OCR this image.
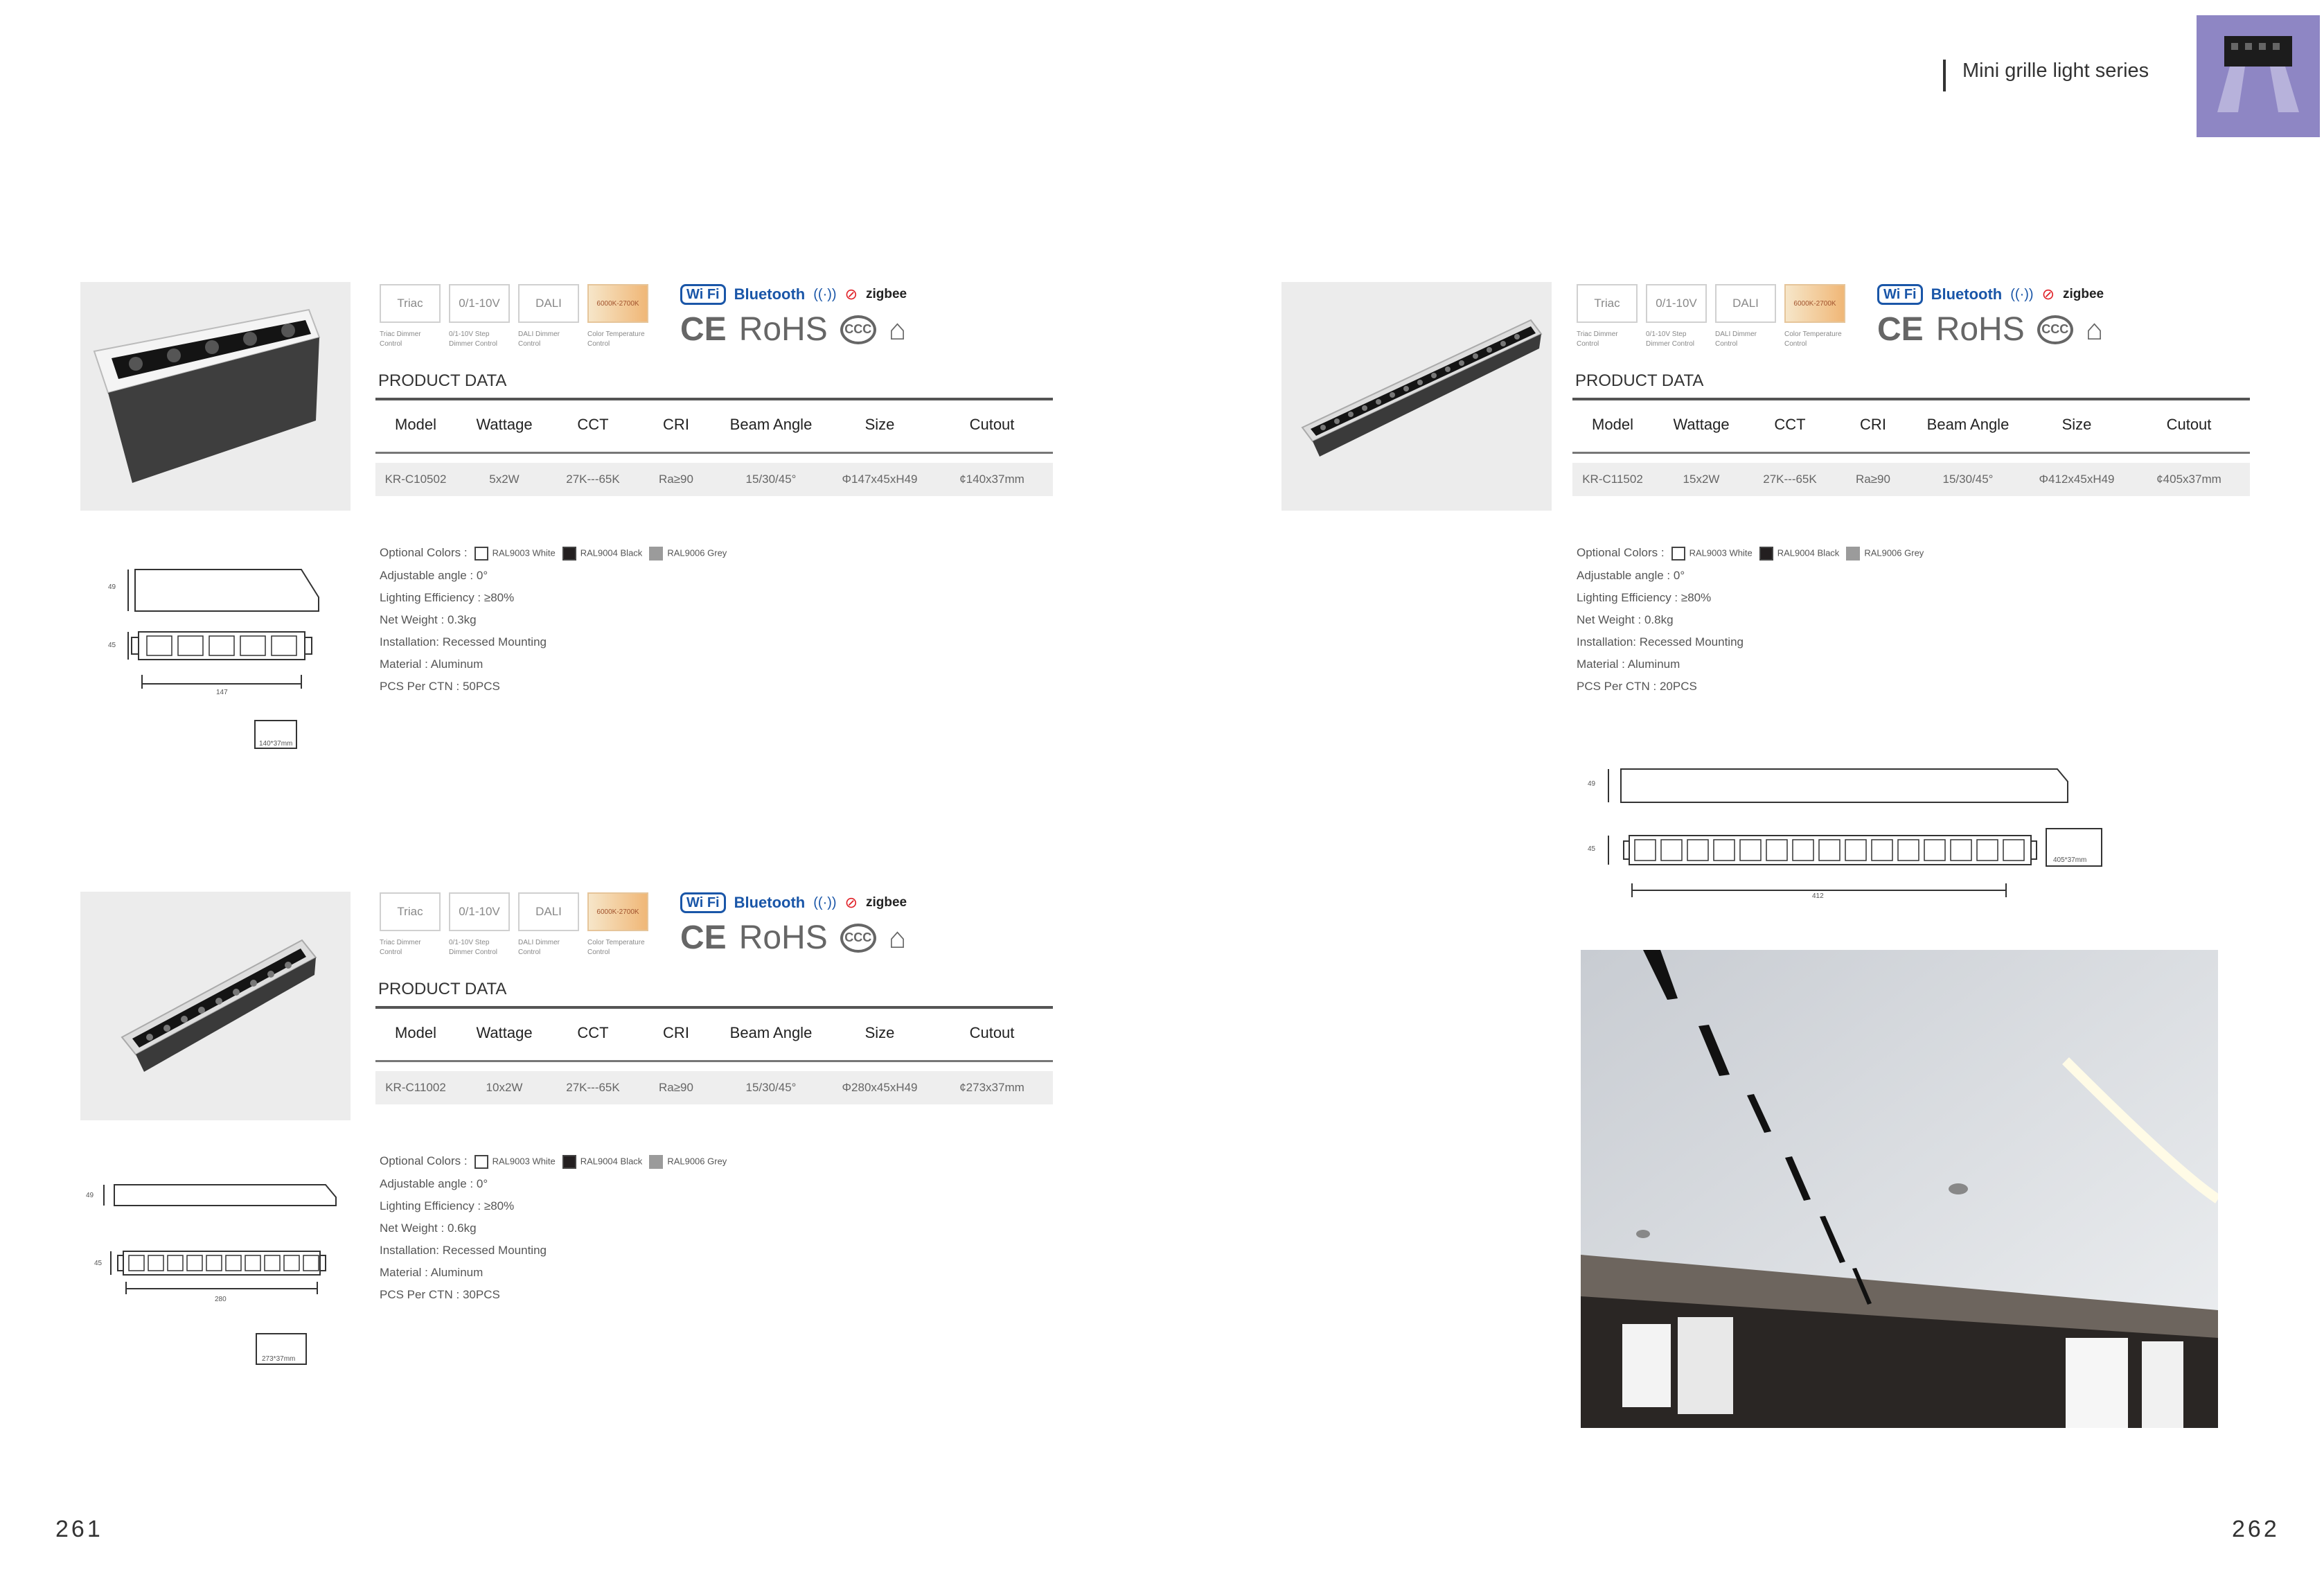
Mini grille light series
261	262
Triac	0/1-10V	DALI	6000K-2700K
Triac Dimmer
Control
0/1-10V Step
Dimmer Control
DALI Dimmer
Control
Color Temperature
Control
Wi Fi Bluetooth ((·)) ⊘ zigbee
CE RoHS	CCC ⌂
PRODUCT DATA
Model	Wattage	CCT	CRI	Beam Angle	Size	Cutout
KR-C10502	5x2W	27K---65K	Ra≥90	15/30/45°	Φ147x45xH49	¢140x37mm
Optional Colors :	RAL9003 White	RAL9004 Black	RAL9006 Grey
Adjustable angle : 0°
Lighting Efficiency : ≥80%
Net Weight : 0.3kg
Installation: Recessed Mounting
Material : Aluminum
PCS Per CTN : 50PCS
49
45
147
140*37mm
Triac	0/1-10V	DALI	6000K-2700K
Triac Dimmer
Control
0/1-10V Step
Dimmer Control
DALI Dimmer
Control
Color Temperature
Control
Wi Fi Bluetooth ((·)) ⊘ zigbee
CE RoHS	CCC ⌂
PRODUCT DATA
Model	Wattage	CCT	CRI	Beam Angle	Size	Cutout
KR-C11002	10x2W	27K---65K	Ra≥90	15/30/45°	Φ280x45xH49	¢273x37mm
Optional Colors :	RAL9003 White	RAL9004 Black	RAL9006 Grey
Adjustable angle : 0°
Lighting Efficiency : ≥80%
Net Weight : 0.6kg
Installation: Recessed Mounting
Material : Aluminum
PCS Per CTN : 30PCS
49
45
280
273*37mm
Triac	0/1-10V	DALI	6000K-2700K
Triac Dimmer
Control
0/1-10V Step
Dimmer Control
DALI Dimmer
Control
Color Temperature
Control
Wi Fi Bluetooth ((·)) ⊘ zigbee
CE RoHS	CCC ⌂
PRODUCT DATA
Model	Wattage	CCT	CRI	Beam Angle	Size	Cutout
KR-C11502	15x2W	27K---65K	Ra≥90	15/30/45°	Φ412x45xH49	¢405x37mm
Optional Colors :	RAL9003 White	RAL9004 Black	RAL9006 Grey
Adjustable angle : 0°
Lighting Efficiency : ≥80%
Net Weight : 0.8kg
Installation: Recessed Mounting
Material : Aluminum
PCS Per CTN : 20PCS
49
45
412
405*37mm
